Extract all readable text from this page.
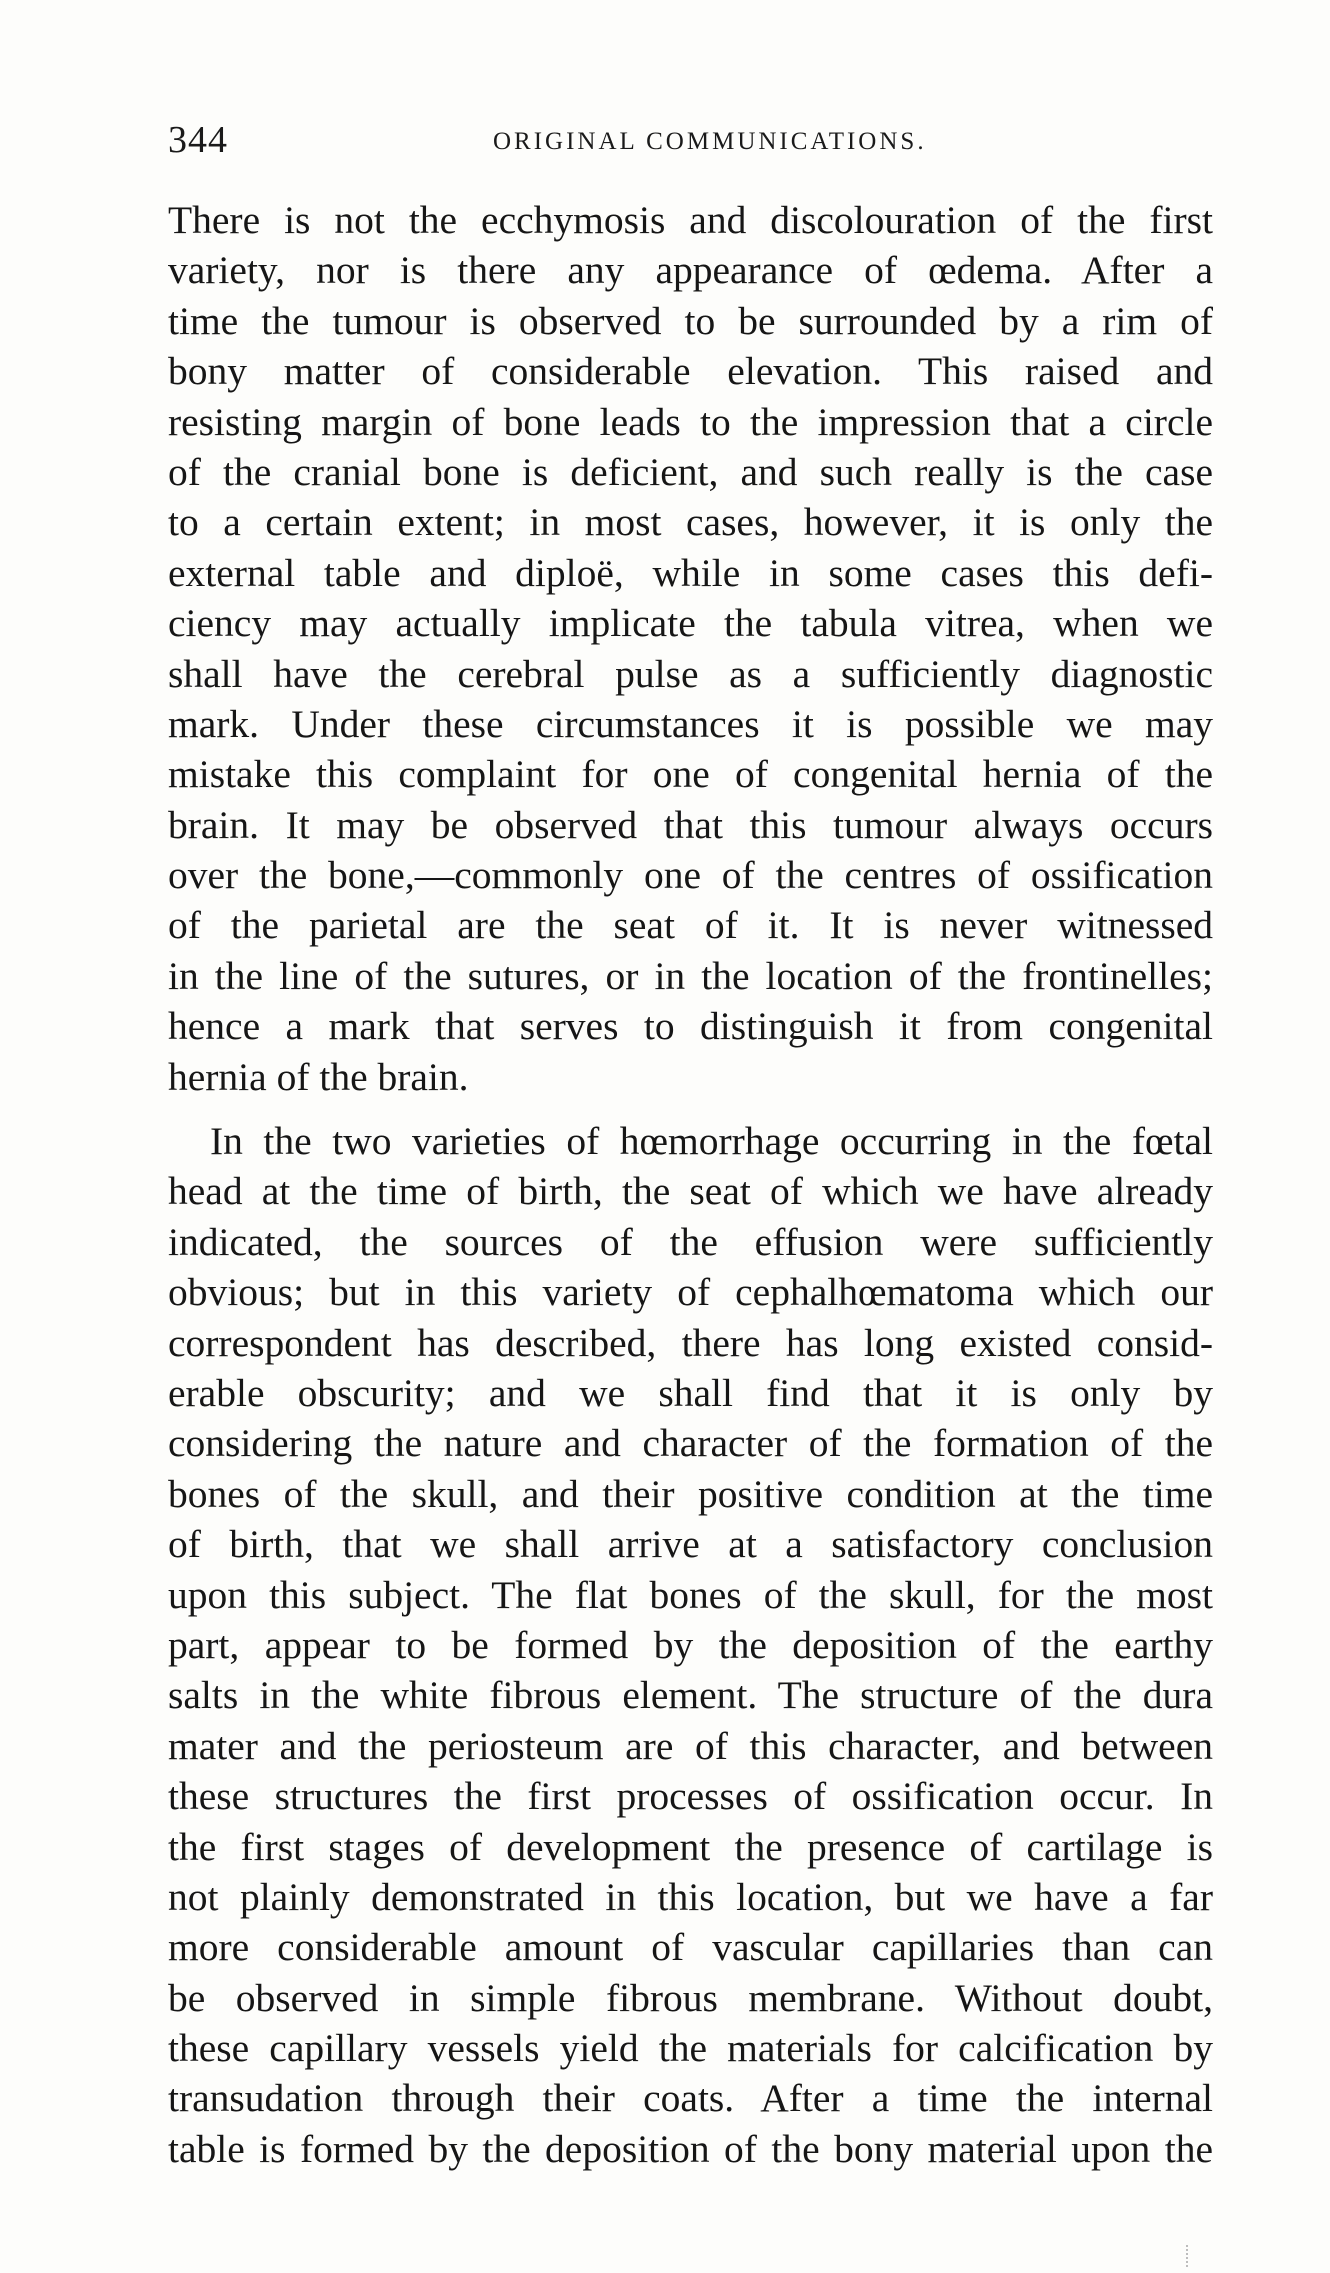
344	ORIGINAL COMMUNICATIONS.
There is not the ecchymosis and discolouration of the first
variety, nor is there any appearance of œdema. After a
time the tumour is observed to be surrounded by a rim of
bony matter of considerable elevation. This raised and
resisting margin of bone leads to the impression that a circle
of the cranial bone is deficient, and such really is the case
to a certain extent; in most cases, however, it is only the
external table and diploë, while in some cases this defi-
ciency may actually implicate the tabula vitrea, when we
shall have the cerebral pulse as a sufficiently diagnostic
mark. Under these circumstances it is possible we may
mistake this complaint for one of congenital hernia of the
brain. It may be observed that this tumour always occurs
over the bone,—commonly one of the centres of ossification
of the parietal are the seat of it. It is never witnessed
in the line of the sutures, or in the location of the frontinelles;
hence a mark that serves to distinguish it from congenital
hernia of the brain.
In the two varieties of hœmorrhage occurring in the fœtal
head at the time of birth, the seat of which we have already
indicated, the sources of the effusion were sufficiently
obvious; but in this variety of cephalhœmatoma which our
correspondent has described, there has long existed consid-
erable obscurity; and we shall find that it is only by
considering the nature and character of the formation of the
bones of the skull, and their positive condition at the time
of birth, that we shall arrive at a satisfactory conclusion
upon this subject. The flat bones of the skull, for the most
part, appear to be formed by the deposition of the earthy
salts in the white fibrous element. The structure of the dura
mater and the periosteum are of this character, and between
these structures the first processes of ossification occur. In
the first stages of development the presence of cartilage is
not plainly demonstrated in this location, but we have a far
more considerable amount of vascular capillaries than can
be observed in simple fibrous membrane. Without doubt,
these capillary vessels yield the materials for calcification by
transudation through their coats. After a time the internal
table is formed by the deposition of the bony material upon the
